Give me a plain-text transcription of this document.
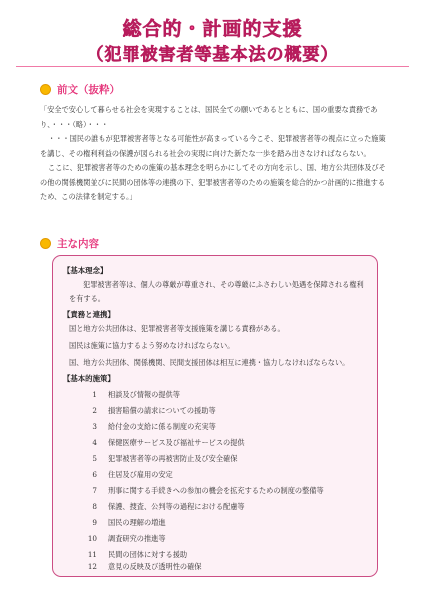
総合的・計画的支援
（犯罪被害者等基本法の概要）
前文（抜粋）

「安全で安心して暮らせる社会を実現することは、国民全ての願いであるとともに、国の重要な責務であり、・・・（略）・・・

・・・国民の誰もが犯罪被害者等となる可能性が高まっている今こそ、犯罪被害者等の視点に立った施策を講じ、その権利利益の保護が図られる社会の実現に向けた新たな一歩を踏み出さなければならない。

ここに、犯罪被害者等のための施策の基本理念を明らかにしてその方向を示し、国、地方公共団体及びその他の関係機関並びに民間の団体等の連携の下、犯罪被害者等のための施策を総合的かつ計画的に推進するため、この法律を制定する。」

主な内容
【基本理念】
犯罪被害者等は、個人の尊厳が尊重され、その尊厳にふさわしい処遇を保障される権利を有する。
【責務と連携】
国と地方公共団体は、犯罪被害者等支援施策を講じる責務がある。
国民は施策に協力するよう努めなければならない。
国、地方公共団体、関係機関、民間支援団体は相互に連携・協力しなければならない。
【基本的施策】
1 相談及び情報の提供等
2 損害賠償の請求についての援助等
3 給付金の支給に係る制度の充実等
4 保健医療サービス及び福祉サービスの提供
5 犯罪被害者等の再被害防止及び安全確保
6 住居及び雇用の安定
7 刑事に関する手続きへの参加の機会を拡充するための制度の整備等
8 保護、捜査、公判等の過程における配慮等
9 国民の理解の増進
10 調査研究の推進等
11 民間の団体に対する援助
12 意見の反映及び透明性の確保
